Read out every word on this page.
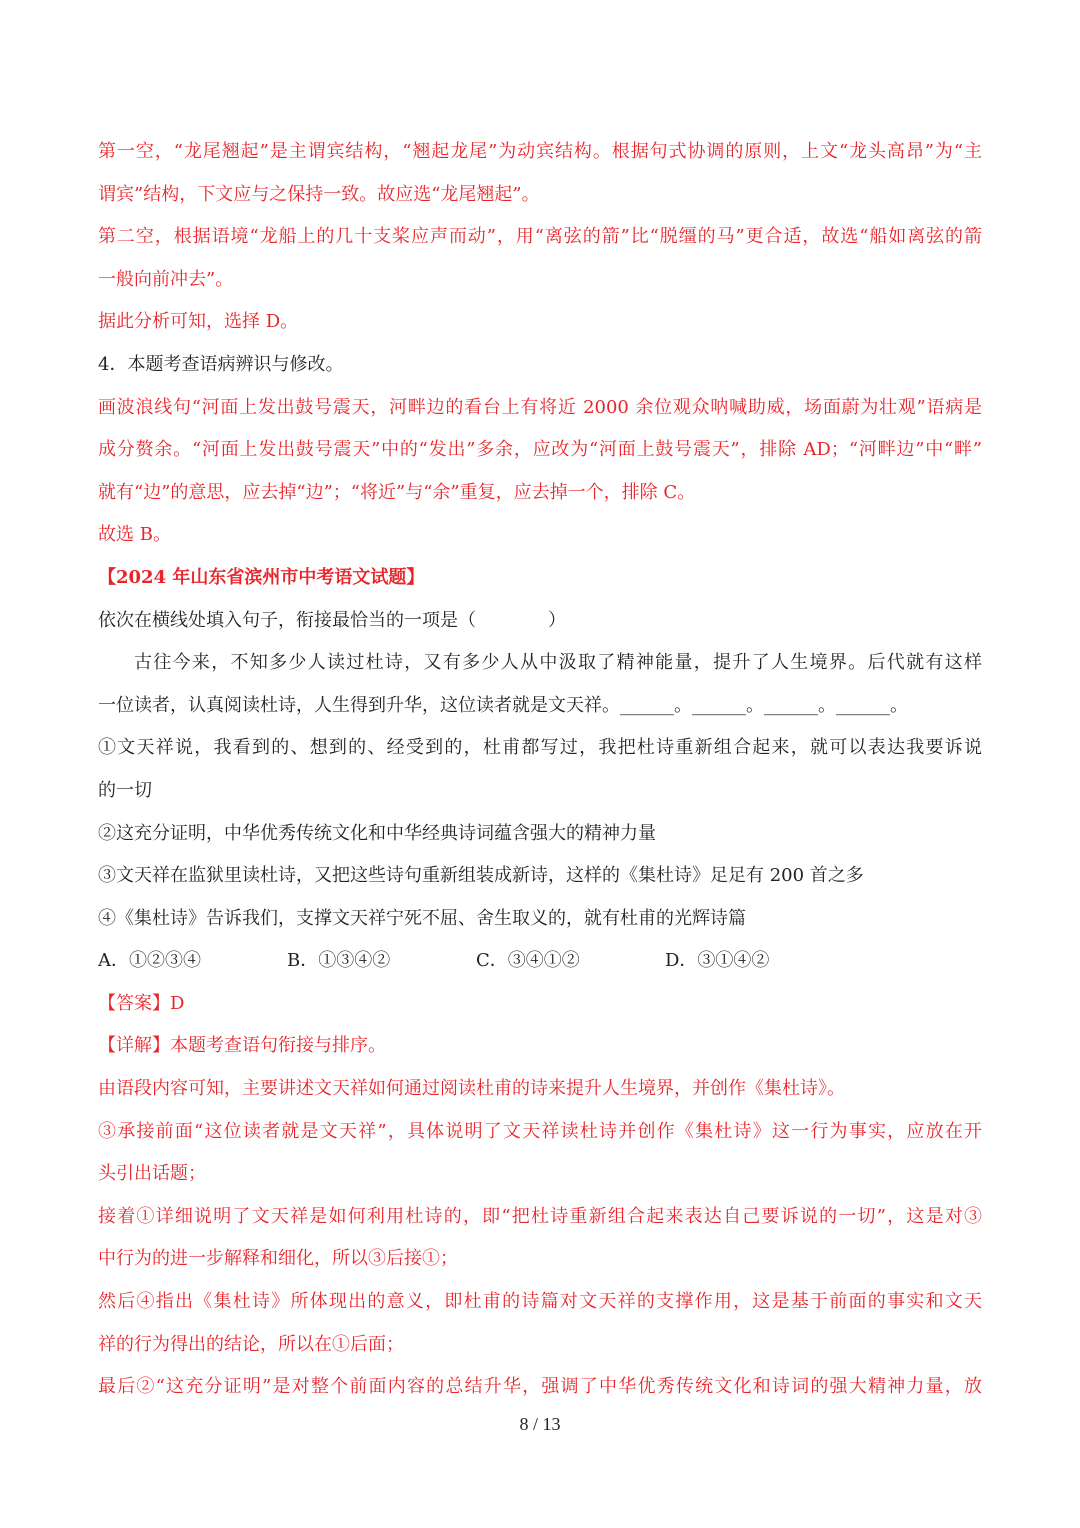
第一空，“龙尾翘起”是主谓宾结构，“翘起龙尾”为动宾结构。根据句式协调的原则，上文“龙头高昂”为“主
谓宾”结构，下文应与之保持一致。故应选“龙尾翘起”。
第二空，根据语境“龙船上的几十支桨应声而动”，用“离弦的箭”比“脱缰的马”更合适，故选“船如离弦的箭
一般向前冲去”。
据此分析可知，选择 D。
4．本题考查语病辨识与修改。
画波浪线句“河面上发出鼓号震天，河畔边的看台上有将近 2000 余位观众呐喊助威，场面蔚为壮观”语病是
成分赘余。“河面上发出鼓号震天”中的“发出”多余，应改为“河面上鼓号震天”，排除 AD；“河畔边”中“畔”
就有“边”的意思，应去掉“边”；“将近”与“余”重复，应去掉一个，排除 C。
故选 B。
【2024 年山东省滨州市中考语文试题】
依次在横线处填入句子，衔接最恰当的一项是（　　　　）
古往今来，不知多少人读过杜诗，又有多少人从中汲取了精神能量，提升了人生境界。后代就有这样
一位读者，认真阅读杜诗，人生得到升华，这位读者就是文天祥。______。______。______。______。
①文天祥说，我看到的、想到的、经受到的，杜甫都写过，我把杜诗重新组合起来，就可以表达我要诉说
的一切
②这充分证明，中华优秀传统文化和中华经典诗词蕴含强大的精神力量
③文天祥在监狱里读杜诗，又把这些诗句重新组装成新诗，这样的《集杜诗》足足有 200 首之多
④《集杜诗》告诉我们，支撑文天祥宁死不屈、舍生取义的，就有杜甫的光辉诗篇
A．①②③④	B．①③④②	C．③④①②	D．③①④②
【答案】D
【详解】本题考查语句衔接与排序。
由语段内容可知，主要讲述文天祥如何通过阅读杜甫的诗来提升人生境界，并创作《集杜诗》。
③承接前面“这位读者就是文天祥”，具体说明了文天祥读杜诗并创作《集杜诗》这一行为事实，应放在开
头引出话题；
接着①详细说明了文天祥是如何利用杜诗的，即“把杜诗重新组合起来表达自己要诉说的一切”，这是对③
中行为的进一步解释和细化，所以③后接①；
然后④指出《集杜诗》所体现出的意义，即杜甫的诗篇对文天祥的支撑作用，这是基于前面的事实和文天
祥的行为得出的结论，所以在①后面；
最后②“这充分证明”是对整个前面内容的总结升华，强调了中华优秀传统文化和诗词的强大精神力量，放
8 / 13
